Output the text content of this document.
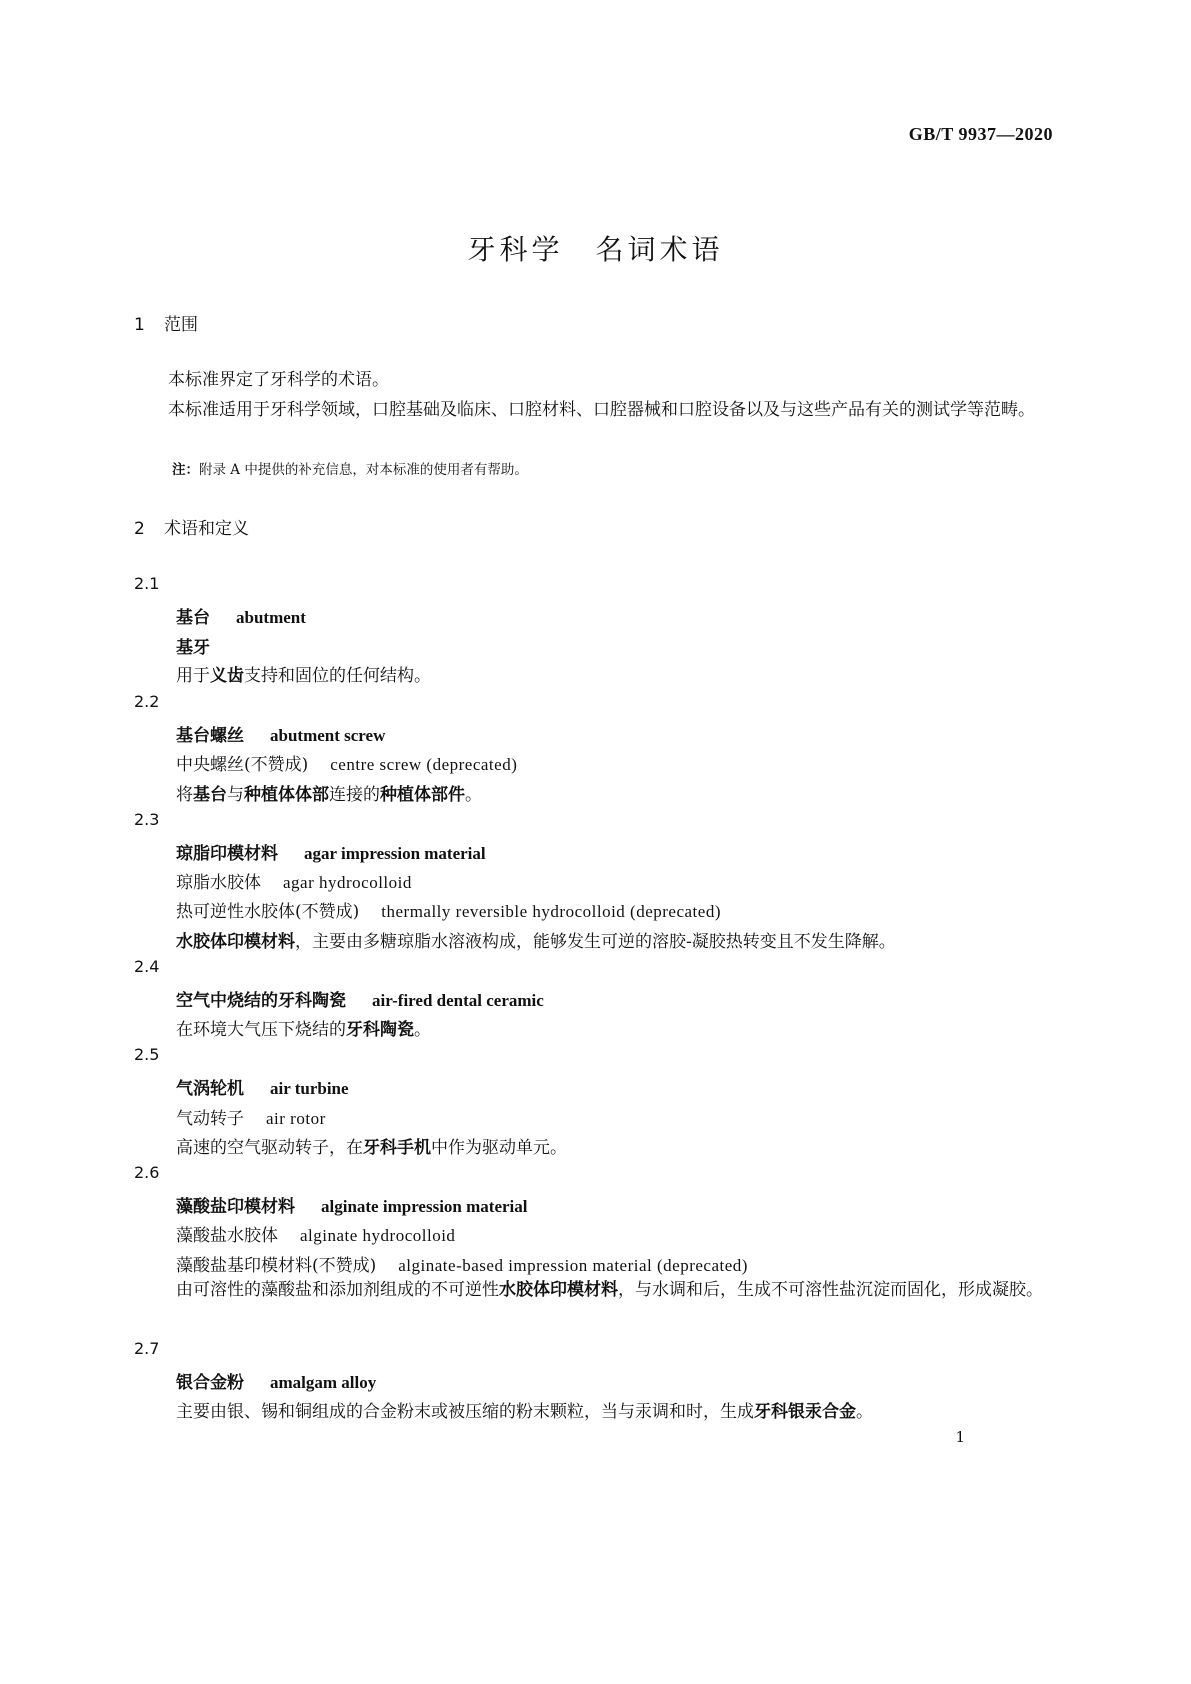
GB/T 9937—2020
牙科学　名词术语
1 范围
本标准界定了牙科学的术语。
本标准适用于牙科学领域，口腔基础及临床、口腔材料、口腔器械和口腔设备以及与这些产品有关的测试学等范畴。
注：附录 A 中提供的补充信息，对本标准的使用者有帮助。
2 术语和定义
2.1
基台 abutment
基牙
用于义齿支持和固位的任何结构。
2.2
基台螺丝 abutment screw
中央螺丝(不赞成) centre screw (deprecated)
将基台与种植体体部连接的种植体部件。
2.3
琼脂印模材料 agar impression material
琼脂水胶体 agar hydrocolloid
热可逆性水胶体(不赞成) thermally reversible hydrocolloid (deprecated)
水胶体印模材料，主要由多糖琼脂水溶液构成，能够发生可逆的溶胶-凝胶热转变且不发生降解。
2.4
空气中烧结的牙科陶瓷 air-fired dental ceramic
在环境大气压下烧结的牙科陶瓷。
2.5
气涡轮机 air turbine
气动转子 air rotor
高速的空气驱动转子，在牙科手机中作为驱动单元。
2.6
藻酸盐印模材料 alginate impression material
藻酸盐水胶体 alginate hydrocolloid
藻酸盐基印模材料(不赞成) alginate-based impression material (deprecated)
由可溶性的藻酸盐和添加剂组成的不可逆性水胶体印模材料，与水调和后，生成不可溶性盐沉淀而固化，形成凝胶。
2.7
银合金粉 amalgam alloy
主要由银、锡和铜组成的合金粉末或被压缩的粉末颗粒，当与汞调和时，生成牙科银汞合金。
1
